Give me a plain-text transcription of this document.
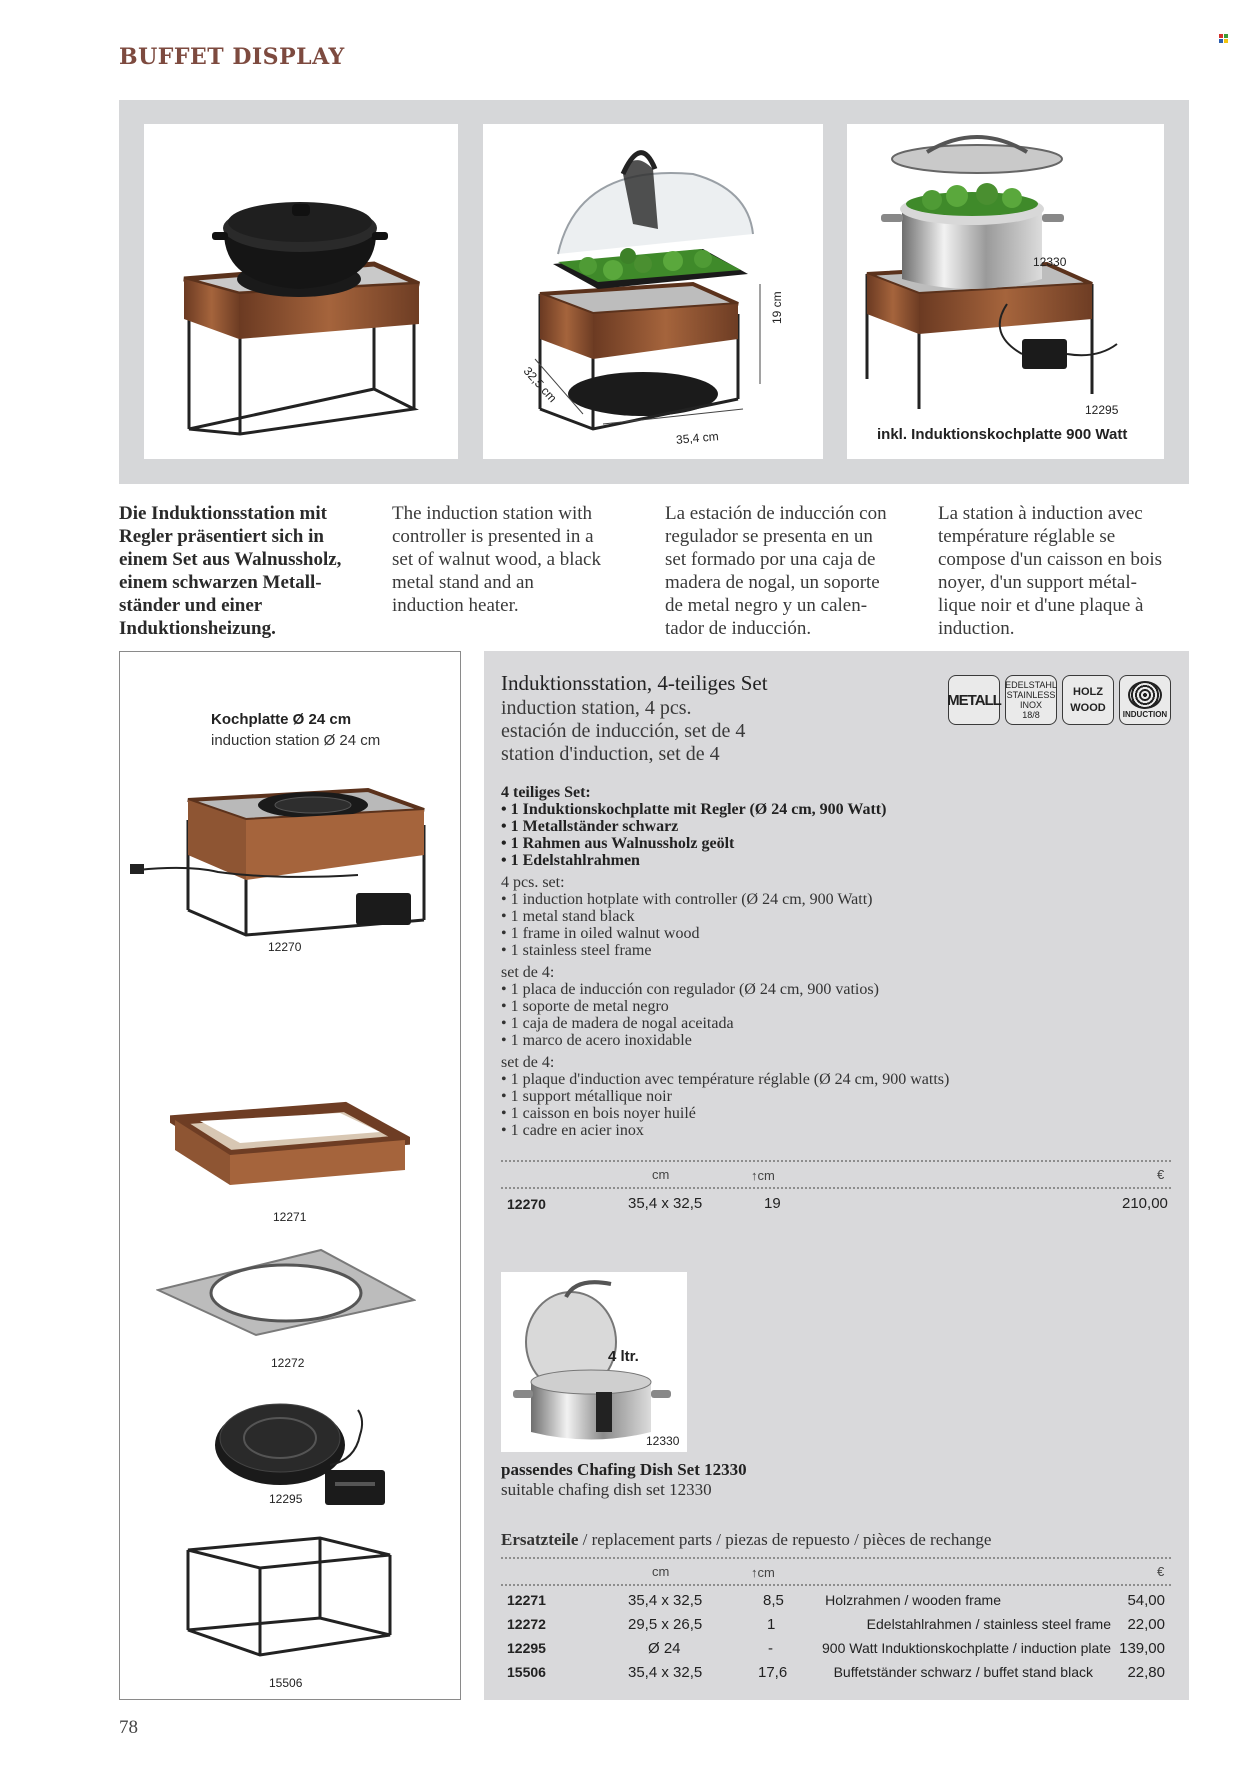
BUFFET DISPLAY
32,5 cm
35,4 cm
19 cm
12330
12295
inkl. Induktionskochplatte 900 Watt
Die Induktionsstation mit
Regler präsentiert sich in
einem Set aus Walnussholz,
einem schwarzen Metall-
ständer und einer
Induktionsheizung.
The induction station with
controller is presented in a
set of walnut wood, a black
metal stand and an
induction heater.
La estación de inducción con
regulador se presenta en un
set formado por una caja de
madera de nogal, un soporte
de metal negro y un calen-
tador de inducción.
La station à induction avec
température réglable se
compose d'un caisson en bois
noyer, d'un support métal-
lique noir et d'une plaque à
induction.
Kochplatte Ø 24 cm
induction station Ø 24 cm
12270
12271
12272
12295
15506
Induktionsstation, 4-teiliges Set
induction station, 4 pcs.
estación de inducción, set de 4
station d'induction, set de 4
METALL
EDELSTAHL
STAINLESS
INOX
18/8
HOLZ
WOOD
INDUCTION
4 teiliges Set:
• 1 Induktionskochplatte mit Regler (Ø 24 cm, 900 Watt)
• 1 Metallständer schwarz
• 1 Rahmen aus Walnussholz geölt
• 1 Edelstahlrahmen
4 pcs. set:
• 1 induction hotplate with controller (Ø 24 cm, 900 Watt)
• 1 metal stand black
• 1 frame in oiled walnut wood
• 1 stainless steel frame
set de 4:
• 1 placa de inducción con regulador (Ø 24 cm, 900 vatios)
• 1 soporte de metal negro
• 1 caja de madera de nogal aceitada
• 1 marco de acero inoxidable
set de 4:
• 1 plaque d'induction avec température réglable (Ø 24 cm, 900 watts)
• 1 support métallique noir
• 1 caisson en bois noyer huilé
• 1 cadre en acier inox
cm	↑cm	€
12270	35,4 x 32,5	19	210,00
4 ltr.
12330
passendes Chafing Dish Set 12330
suitable chafing dish set 12330
Ersatzteile / replacement parts / piezas de repuesto / pièces de rechange
cm	↑cm	€
12271	35,4 x 32,5	8,5	Holzrahmen / wooden frame	54,00
12272	29,5 x 26,5	1	Edelstahlrahmen / stainless steel frame 22,00
12295	Ø 24	-	900 Watt Induktionskochplatte / induction plate 139,00
15506	35,4 x 32,5	17,6	Buffetständer schwarz / buffet stand black 22,80
78
